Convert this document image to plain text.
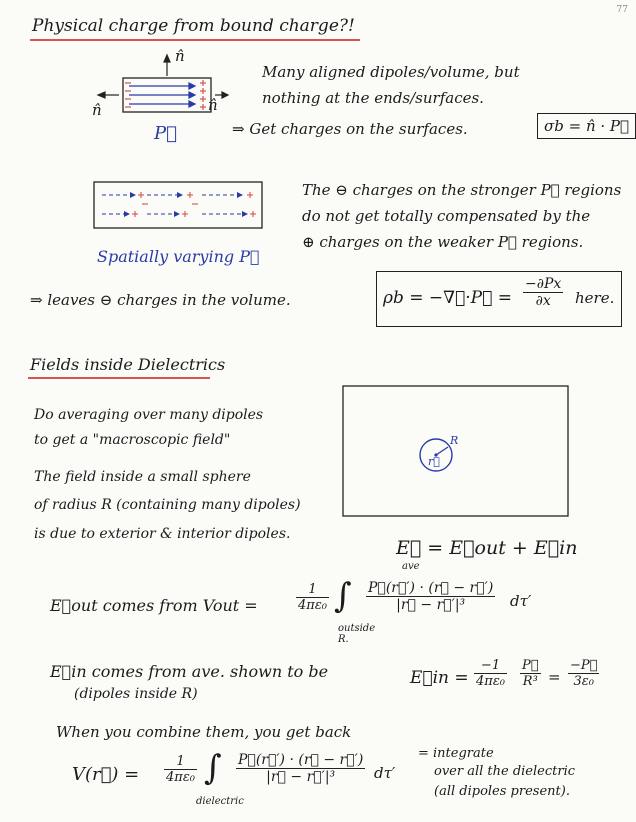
77
Physical charge from bound charge?!
n̂
n̂
n̂
P⃗
Many aligned dipoles/volume, but
nothing at the ends/surfaces.
⇒ Get charges on the surfaces.	σb = n̂ · P⃗
Spatially varying P⃗
The ⊖ charges on the stronger P⃗ regions
do not get totally compensated by the
⊕ charges on the weaker P⃗ regions.
⇒ leaves ⊖ charges in the volume.	ρb = −∇⃗·P⃗ = $\frac{-\partial Px}{\partial x}$ here.
Fields inside Dielectrics
Do averaging over many dipoles
to get a "macroscopic field"
The field inside a small sphere
of radius R (containing many dipoles)
is due to exterior & interior dipoles.
R
r⃗
E⃗ = E⃗out + E⃗in
ave
E⃗out comes from Vout =	$\frac{1}{\text{4πε₀}}$ ∫ $\frac{P⃗(r⃗') \cdot (r⃗ - r⃗')}{\text{|r⃗ − r⃗′|³}} d\tau'$
outside R.
E⃗in comes from ave. shown to be
(dipoles inside R)
E⃗in = $\frac{-1}{\text{4πε₀}} \frac{P⃗}{\text{R³}} = \frac{-P⃗}{\text{3ε₀}}$
When you combine them, you get back
V(r⃗) = $\frac{1}{\text{4πε₀}}$ ∫ $\frac{P⃗(r⃗') \cdot (r⃗ - r⃗')}{\text{|r⃗ − r⃗′|³}} d\tau'$
dielectric
= integrate
over all the dielectric
(all dipoles present).
